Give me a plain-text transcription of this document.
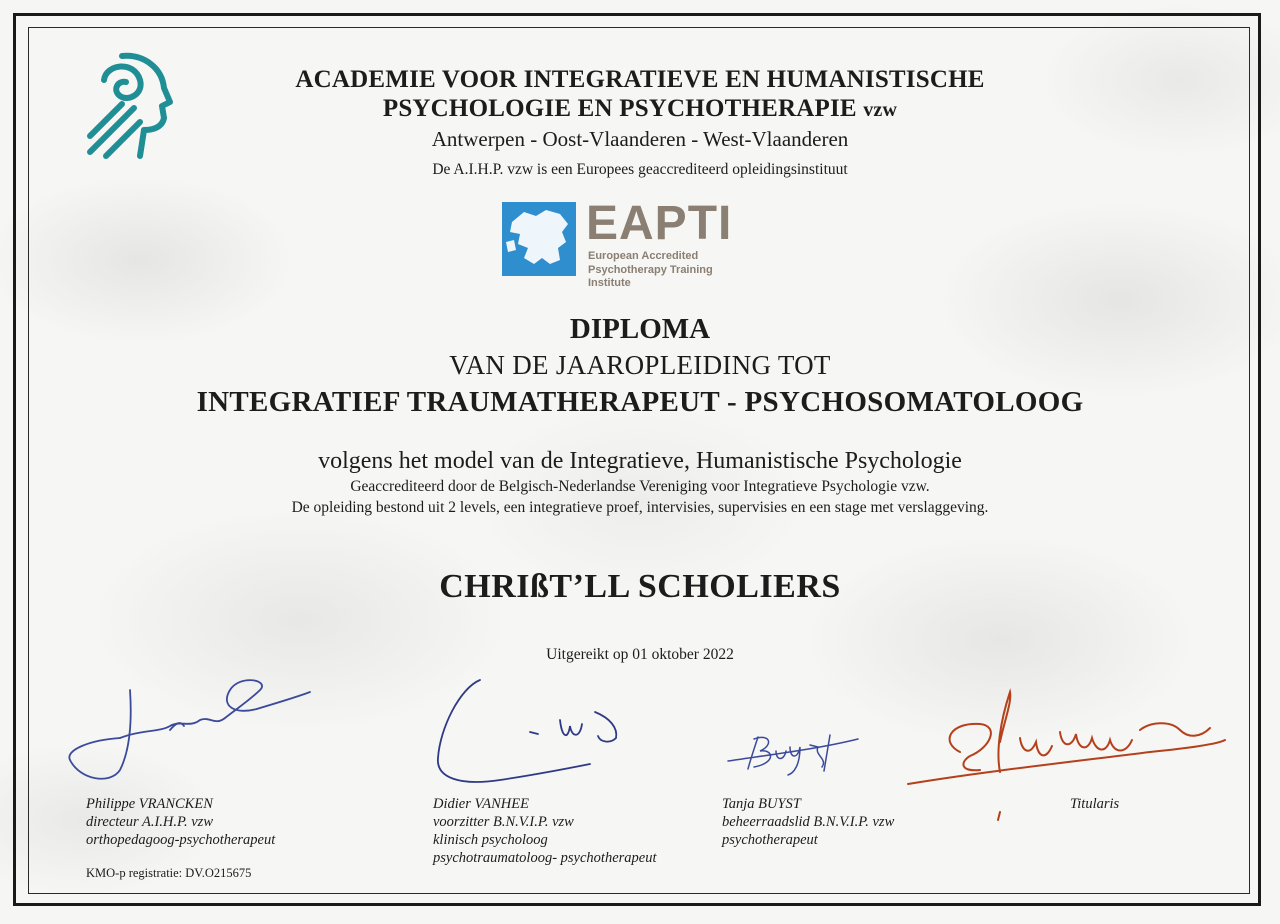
ACADEMIE VOOR INTEGRATIEVE EN HUMANISTISCHE
PSYCHOLOGIE EN PSYCHOTHERAPIE vzw
Antwerpen - Oost-Vlaanderen - West-Vlaanderen
De A.I.H.P. vzw is een Europees geaccrediteerd opleidingsinstituut
EAPTI
European Accredited
Psychotherapy Training Institute
DIPLOMA
VAN DE JAAROPLEIDING TOT
INTEGRATIEF TRAUMATHERAPEUT - PSYCHOSOMATOLOOG
volgens het model van de Integratieve, Humanistische Psychologie
Geaccrediteerd door de Belgisch-Nederlandse Vereniging voor Integratieve Psychologie vzw.
De opleiding bestond uit 2 levels, een integratieve proef, intervisies, supervisies en een stage met verslaggeving.
CHRIßT’LL SCHOLIERS
Uitgereikt op 01 oktober 2022
Philippe VRANCKEN
directeur A.I.H.P. vzw
orthopedagoog-psychotherapeut
Didier VANHEE
voorzitter B.N.V.I.P. vzw
klinisch psycholoog
psychotraumatoloog- psychotherapeut
Tanja BUYST
beheerraadslid B.N.V.I.P. vzw
psychotherapeut
Titularis
KMO-p registratie: DV.O215675
